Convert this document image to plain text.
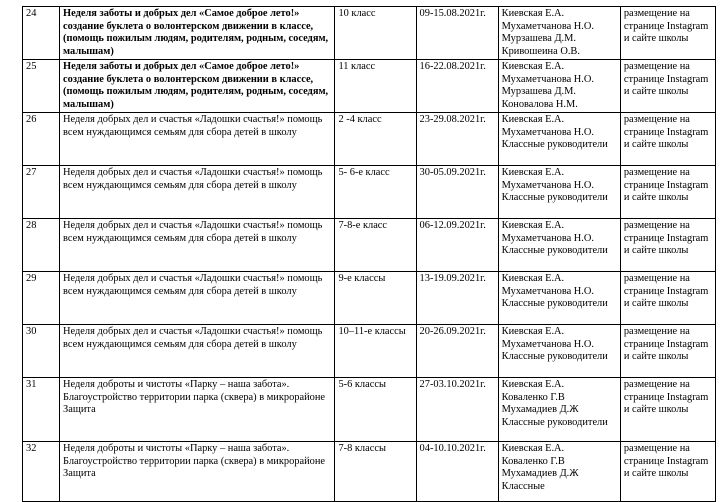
24	Неделя заботы и добрых дел «Самое доброе лето!» создание буклета о волонтерском движении в классе, (помощь пожилым людям, родителям, родным, соседям, малышам)	10 класс	09-15.08.2021г.	Киевская Е.А.
Мухаметчанова Н.О.
Мурзашева Д.М.
Кривошеина О.В.	размещение на странице Instagram и сайте школы
25	Неделя заботы и добрых дел «Самое доброе лето!» создание буклета о волонтерском движении в классе, (помощь пожилым людям, родителям, родным, соседям, малышам)	11 класс	16-22.08.2021г.	Киевская Е.А.
Мухаметчанова Н.О.
Мурзашева Д.М.
Коновалова Н.М.	размещение на странице Instagram и сайте школы
26	Неделя добрых дел и счастья «Ладошки счастья!» помощь всем нуждающимся семьям для сбора детей в школу	2 -4 класс	23-29.08.2021г.	Киевская Е.А.
Мухаметчанова Н.О.
Классные руководители	размещение на странице Instagram и сайте школы
27	Неделя добрых дел и счастья «Ладошки счастья!» помощь всем нуждающимся семьям для сбора детей в школу	5- 6-е класс	30-05.09.2021г.	Киевская Е.А.
Мухаметчанова Н.О.
Классные руководители	размещение на странице Instagram и сайте школы
28	Неделя добрых дел и счастья «Ладошки счастья!» помощь всем нуждающимся семьям для сбора детей в школу	7-8-е класс	06-12.09.2021г.	Киевская Е.А.
Мухаметчанова Н.О.
Классные руководители	размещение на странице Instagram и сайте школы
29	Неделя добрых дел и счастья «Ладошки счастья!» помощь всем нуждающимся семьям для сбора детей в школу	9-е классы	13-19.09.2021г.	Киевская Е.А.
Мухаметчанова Н.О.
Классные руководители	размещение на странице Instagram и сайте школы
30	Неделя добрых дел и счастья «Ладошки счастья!» помощь всем нуждающимся семьям для сбора детей в школу	10–11-е классы	20-26.09.2021г.	Киевская Е.А.
Мухаметчанова Н.О.
Классные руководители	размещение на странице Instagram и сайте школы
31	Неделя доброты и чистоты «Парку – наша забота». Благоустройство территории парка (сквера) в микрорайоне Защита	5-6 классы	27-03.10.2021г.	Киевская Е.А.
Коваленко Г.В
Мухамадиев Д.Ж
Классные руководители	размещение на странице Instagram и сайте школы
32	Неделя доброты и чистоты «Парку – наша забота». Благоустройство территории парка (сквера) в микрорайоне Защита	7-8 классы	04-10.10.2021г.	Киевская Е.А.
Коваленко Г.В
Мухамадиев Д.Ж
Классные	размещение на странице Instagram и сайте школы
